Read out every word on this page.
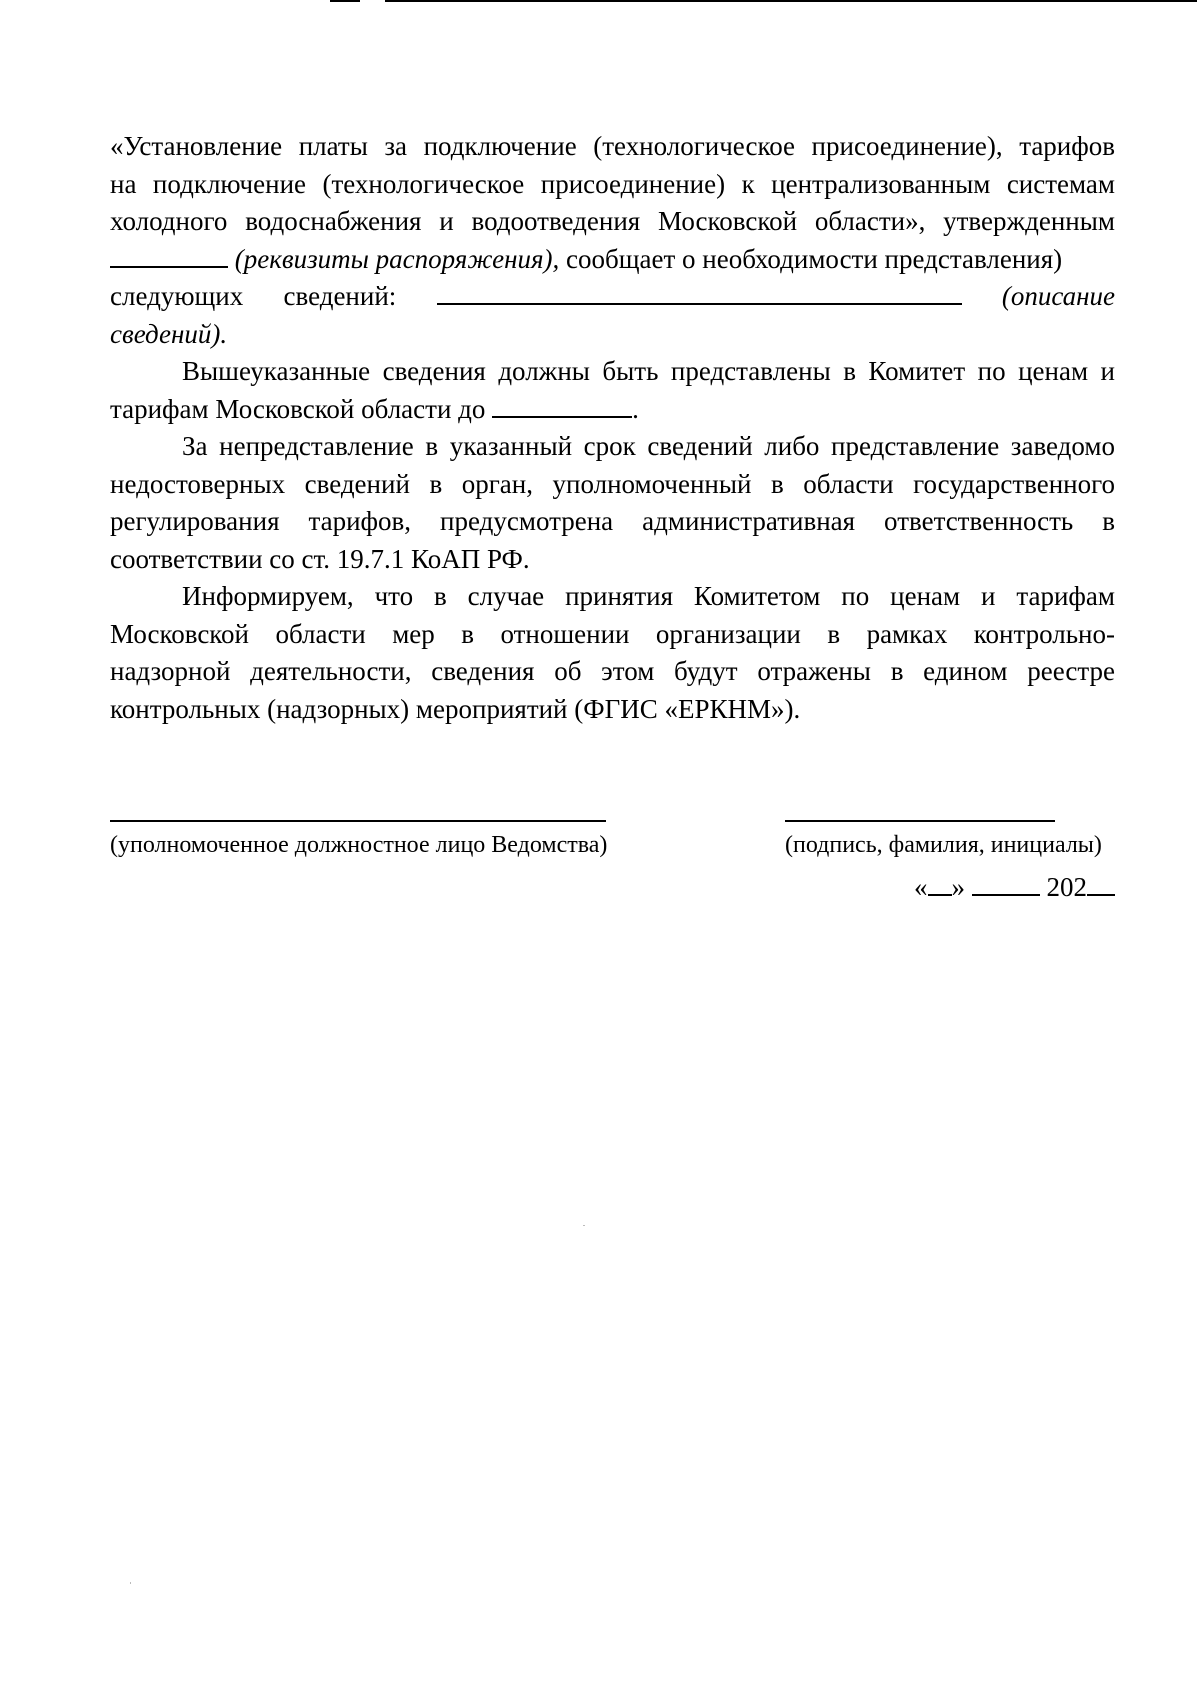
«Установление платы за подключение (технологическое присоединение), тарифов
на подключение (технологическое присоединение) к централизованным системам
холодного водоснабжения и водоотведения Московской области», утвержденным
(реквизиты распоряжения), сообщает о необходимости представления)
следующих сведений:	(описание
сведений).
Вышеуказанные сведения должны быть представлены в Комитет по ценам и
тарифам Московской области до	.
За непредставление в указанный срок сведений либо представление заведомо
недостоверных сведений в орган, уполномоченный в области государственного
регулирования тарифов, предусмотрена административная ответственность в
соответствии со ст. 19.7.1 КоАП РФ.
Информируем, что в случае принятия Комитетом по ценам и тарифам
Московской области мер в отношении организации в рамках контрольно-
надзорной деятельности, сведения об этом будут отражены в едином реестре
контрольных (надзорных) мероприятий (ФГИС «ЕРКНМ»).
(уполномоченное должностное лицо Ведомства)	(подпись, фамилия, инициалы)
« »	202
